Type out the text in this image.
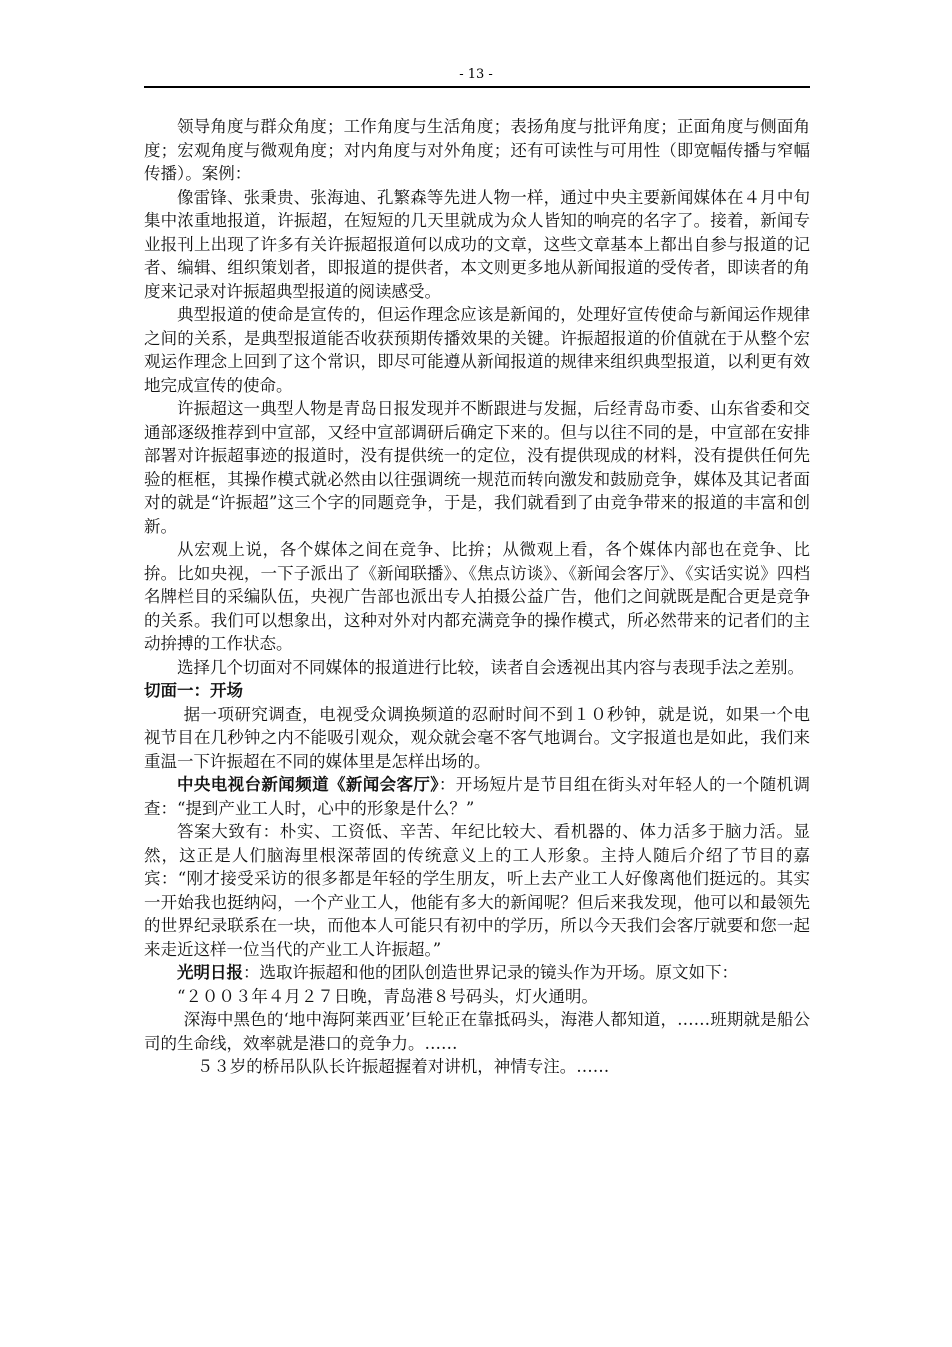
- 13 -

领导角度与群众角度；工作角度与生活角度；表扬角度与批评角度；正面角度与侧面角度；宏观角度与微观角度；对内角度与对外角度；还有可读性与可用性（即宽幅传播与窄幅传播）。案例：

像雷锋、张秉贵、张海迪、孔繁森等先进人物一样，通过中央主要新闻媒体在４月中旬集中浓重地报道，许振超，在短短的几天里就成为众人皆知的响亮的名字了。接着，新闻专业报刊上出现了许多有关许振超报道何以成功的文章，这些文章基本上都出自参与报道的记者、编辑、组织策划者，即报道的提供者，本文则更多地从新闻报道的受传者，即读者的角度来记录对许振超典型报道的阅读感受。

典型报道的使命是宣传的，但运作理念应该是新闻的，处理好宣传使命与新闻运作规律之间的关系，是典型报道能否收获预期传播效果的关键。许振超报道的价值就在于从整个宏观运作理念上回到了这个常识，即尽可能遵从新闻报道的规律来组织典型报道，以利更有效地完成宣传的使命。

许振超这一典型人物是青岛日报发现并不断跟进与发掘，后经青岛市委、山东省委和交通部逐级推荐到中宣部，又经中宣部调研后确定下来的。但与以往不同的是，中宣部在安排部署对许振超事迹的报道时，没有提供统一的定位，没有提供现成的材料，没有提供任何先验的框框，其操作模式就必然由以往强调统一规范而转向激发和鼓励竞争，媒体及其记者面对的就是“许振超”这三个字的同题竞争，于是，我们就看到了由竞争带来的报道的丰富和创新。

从宏观上说，各个媒体之间在竞争、比拚；从微观上看，各个媒体内部也在竞争、比拚。比如央视，一下子派出了《新闻联播》、《焦点访谈》、《新闻会客厅》、《实话实说》四档名牌栏目的采编队伍，央视广告部也派出专人拍摄公益广告，他们之间就既是配合更是竞争的关系。我们可以想象出，这种对外对内都充满竞争的操作模式，所必然带来的记者们的主动拚搏的工作状态。

选择几个切面对不同媒体的报道进行比较，读者自会透视出其内容与表现手法之差别。

切面一：开场

据一项研究调查，电视受众调换频道的忍耐时间不到１０秒钟，就是说，如果一个电视节目在几秒钟之内不能吸引观众，观众就会毫不客气地调台。文字报道也是如此，我们来重温一下许振超在不同的媒体里是怎样出场的。

中央电视台新闻频道《新闻会客厅》：开场短片是节目组在街头对年轻人的一个随机调查：“提到产业工人时，心中的形象是什么？”

答案大致有：朴实、工资低、辛苦、年纪比较大、看机器的、体力活多于脑力活。显然，这正是人们脑海里根深蒂固的传统意义上的工人形象。主持人随后介绍了节目的嘉宾：“刚才接受采访的很多都是年轻的学生朋友，听上去产业工人好像离他们挺远的。其实一开始我也挺纳闷，一个产业工人，他能有多大的新闻呢？但后来我发现，他可以和最领先的世界纪录联系在一块，而他本人可能只有初中的学历，所以今天我们会客厅就要和您一起来走近这样一位当代的产业工人许振超。”

光明日报：选取许振超和他的团队创造世界记录的镜头作为开场。原文如下：

“２００３年４月２７日晚，青岛港８号码头，灯火通明。

深海中黑色的‘地中海阿莱西亚’巨轮正在靠抵码头，海港人都知道，……班期就是船公司的生命线，效率就是港口的竞争力。……

５３岁的桥吊队队长许振超握着对讲机，神情专注。……
